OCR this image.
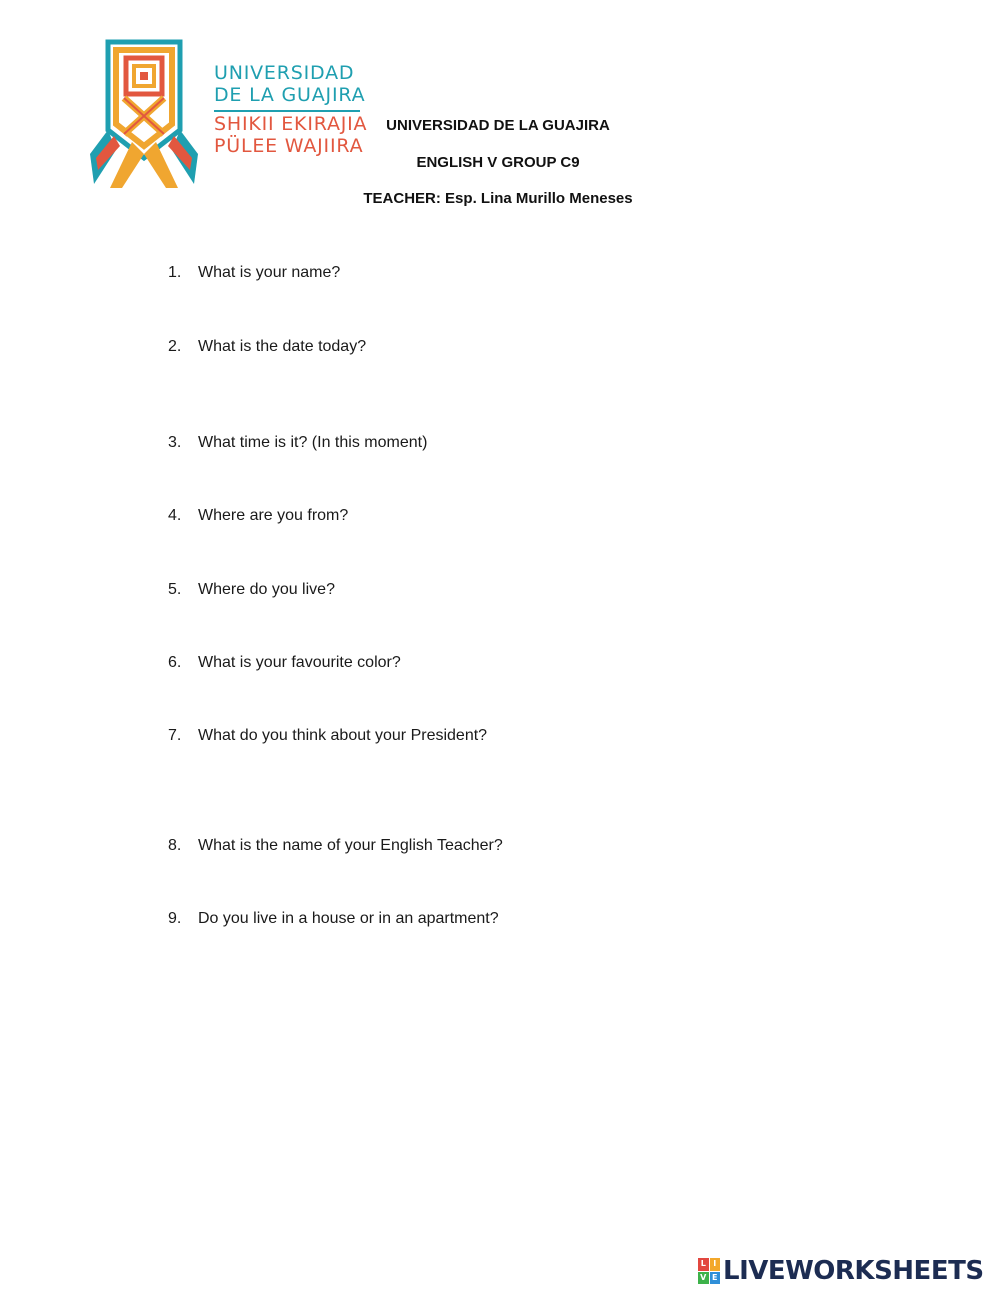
UNIVERSIDAD
DE LA GUAJIRA
SHIKII EKIRAJIA
PÜLEE WAJIIRA
UNIVERSIDAD DE LA GUAJIRA
ENGLISH V GROUP C9
TEACHER: Esp. Lina Murillo Meneses
1. What is your name?
2. What is the date today?
3. What time is it? (In this moment)
4. Where are you from?
5. Where do you live?
6. What is your favourite color?
7. What do you think about your President?
8. What is the name of your English Teacher?
9. Do you live in a house or in an apartment?
L I
V E LIVEWORKSHEETS
